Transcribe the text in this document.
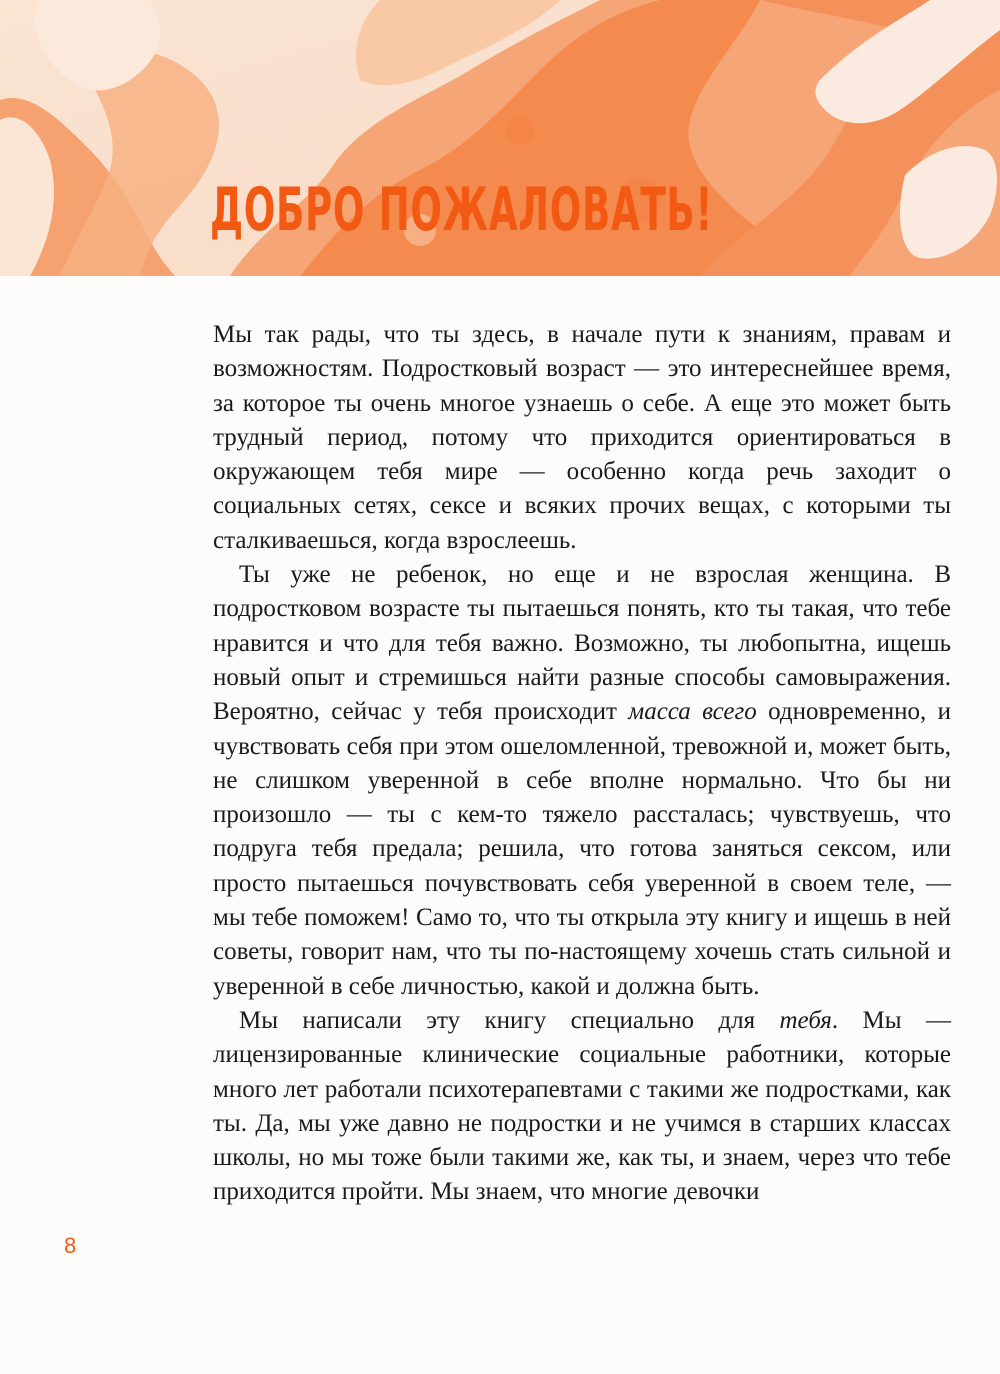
ДОБРО ПОЖАЛОВАТЬ!

Мы так рады, что ты здесь, в начале пути к знаниям, правам и возможностям. Подростковый возраст — это интереснейшее время, за которое ты очень многое узнаешь о себе. А еще это может быть трудный период, потому что приходится ориентироваться в окружающем тебя мире — особенно когда речь заходит о социальных сетях, сексе и всяких прочих вещах, с которыми ты сталкиваешься, когда взрослеешь.

Ты уже не ребенок, но еще и не взрослая женщина. В подростковом возрасте ты пытаешься понять, кто ты такая, что тебе нравится и что для тебя важно. Возможно, ты любопытна, ищешь новый опыт и стремишься найти разные способы самовыражения. Вероятно, сейчас у тебя происходит масса всего одновременно, и чувствовать себя при этом ошеломленной, тревожной и, может быть, не слишком уверенной в себе вполне нормально. Что бы ни произошло — ты с кем-то тяжело рассталась; чувствуешь, что подруга тебя предала; решила, что готова заняться сексом, или просто пытаешься почувствовать себя уверенной в своем теле, — мы тебе поможем! Само то, что ты открыла эту книгу и ищешь в ней советы, говорит нам, что ты по-настоящему хочешь стать сильной и уверенной в себе личностью, какой и должна быть.

Мы написали эту книгу специально для тебя. Мы — лицензированные клинические социальные работники, которые много лет работали психотерапевтами с такими же подростками, как ты. Да, мы уже давно не подростки и не учимся в старших классах школы, но мы тоже были такими же, как ты, и знаем, через что тебе приходится пройти. Мы знаем, что многие девочки

8
